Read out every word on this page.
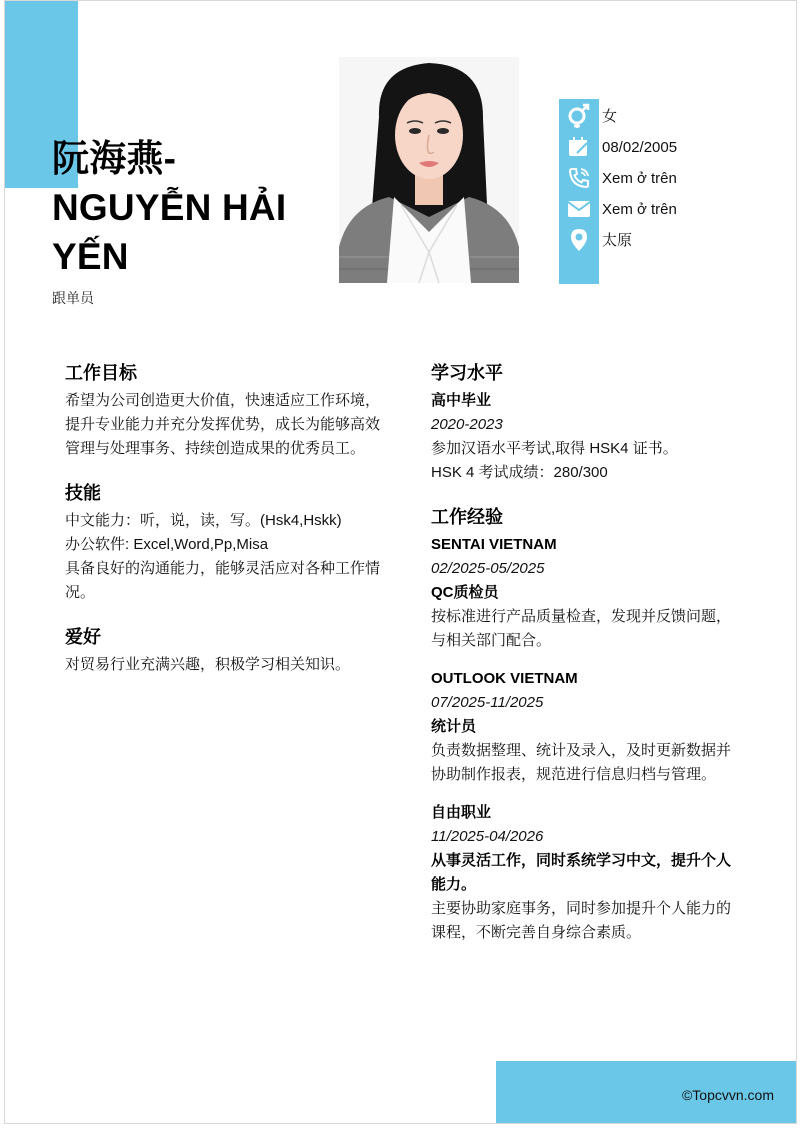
阮海燕-
NGUYỄN HẢI
YẾN
跟单员
女
08/02/2005
Xem ở trên
Xem ở trên
太原
工作目标

希望为公司创造更大价值，快速适应工作环境，提升专业能力并充分发挥优势，成长为能够高效管理与处理事务、持续创造成果的优秀员工。

技能

中文能力：听，说，读，写。(Hsk4,Hskk)

办公软件: Excel,Word,Pp,Misa

具备良好的沟通能力，能够灵活应对各种工作情况。

爱好

对贸易行业充满兴趣，积极学习相关知识。

学习水平
高中毕业
2020-2023

参加汉语水平考试,取得 HSK4 证书。

HSK 4 考试成绩：280/300

工作经验
SENTAI VIETNAM
02/2025-05/2025
QC质检员

按标准进行产品质量检查，发现并反馈问题，与相关部门配合。

OUTLOOK VIETNAM
07/2025-11/2025
统计员

负责数据整理、统计及录入，及时更新数据并协助制作报表，规范进行信息归档与管理。

自由职业
11/2025-04/2026
从事灵活工作，同时系统学习中文，提升个人能力。

主要协助家庭事务，同时参加提升个人能力的课程，不断完善自身综合素质。

©Topcvvn.com
